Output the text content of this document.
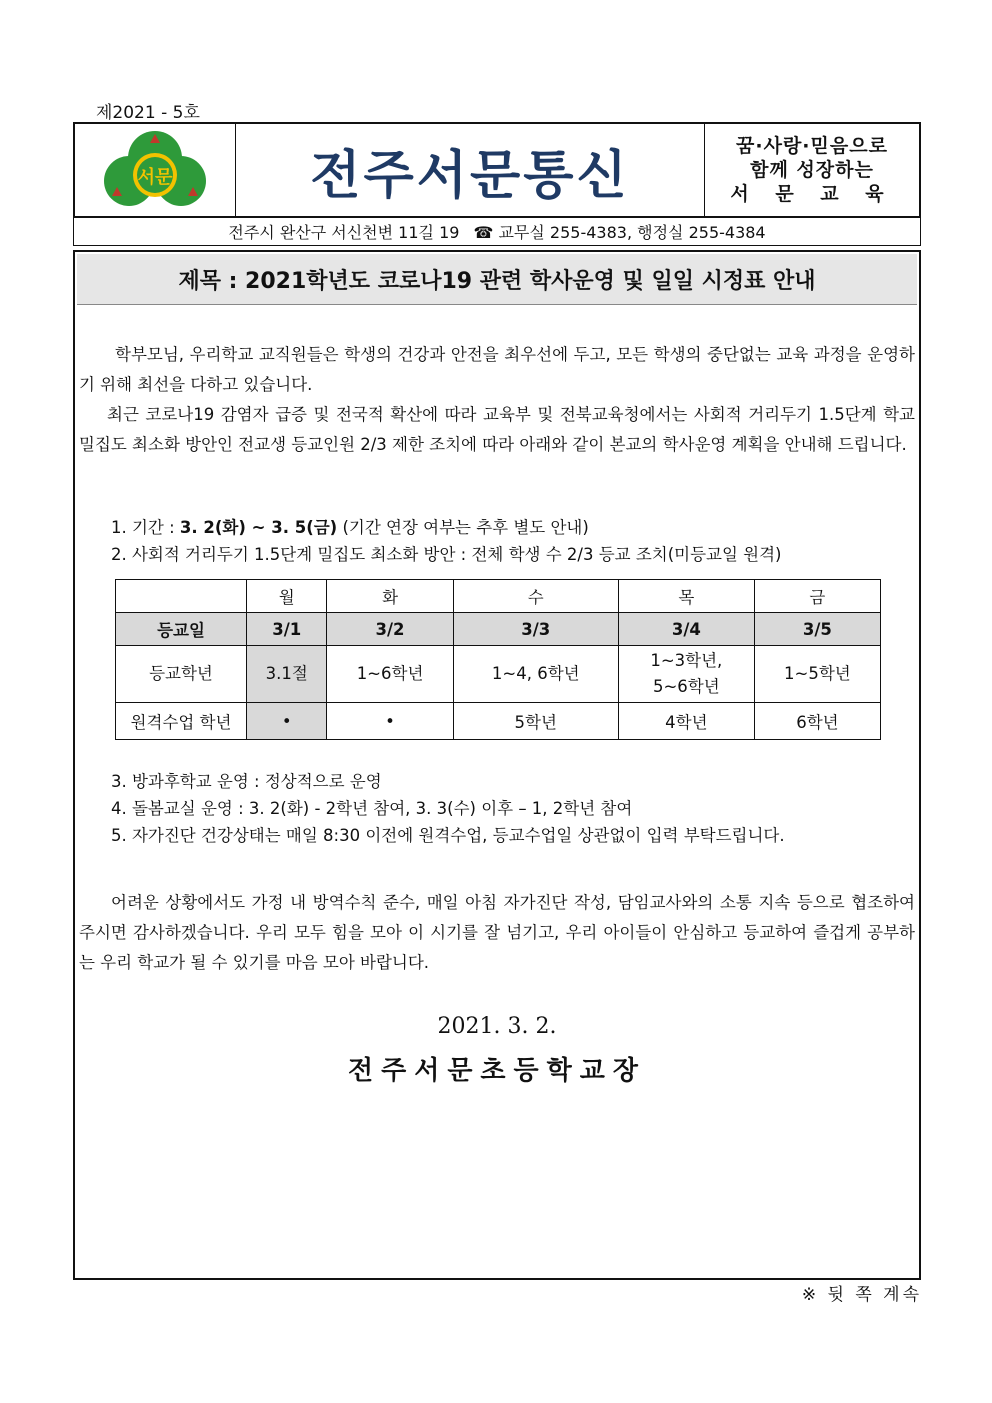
제2021 - 5호
서문	전주서문통신	꿈·사랑·믿음으로
함께 성장하는
서 문 교 육
전주시 완산구 서신천변 11길 19 ☎ 교무실 255-4383, 행정실 255-4384
제목 : 2021학년도 코로나19 관련 학사운영 및 일일 시정표 안내
학부모님, 우리학교 교직원들은 학생의 건강과 안전을 최우선에 두고, 모든 학생의 중단없는 교육 과정을 운영하기 위해 최선을 다하고 있습니다.
최근 코로나19 감염자 급증 및 전국적 확산에 따라 교육부 및 전북교육청에서는 사회적 거리두기 1.5단계 학교 밀집도 최소화 방안인 전교생 등교인원 2/3 제한 조치에 따라 아래와 같이 본교의 학사운영 계획을 안내해 드립니다.
1. 기간 : 3. 2(화) ~ 3. 5(금) (기간 연장 여부는 추후 별도 안내)
2. 사회적 거리두기 1.5단계 밀집도 최소화 방안 : 전체 학생 수 2/3 등교 조치(미등교일 원격)
	월	화	수	목	금
등교일	3/1	3/2	3/3	3/4	3/5
등교학년	3.1절	1~6학년	1~4, 6학년	1~3학년,
5~6학년	1~5학년
원격수업 학년	•	•	5학년	4학년	6학년
3. 방과후학교 운영 : 정상적으로 운영
4. 돌봄교실 운영 : 3. 2(화) - 2학년 참여, 3. 3(수) 이후 – 1, 2학년 참여
5. 자가진단 건강상태는 매일 8:30 이전에 원격수업, 등교수업일 상관없이 입력 부탁드립니다.
어려운 상황에서도 가정 내 방역수칙 준수, 매일 아침 자가진단 작성, 담임교사와의 소통 지속 등으로 협조하여 주시면 감사하겠습니다. 우리 모두 힘을 모아 이 시기를 잘 넘기고, 우리 아이들이 안심하고 등교하여 즐겁게 공부하는 우리 학교가 될 수 있기를 마음 모아 바랍니다.
2021. 3. 2.
전주서문초등학교장
※ 뒷 쪽 계속
